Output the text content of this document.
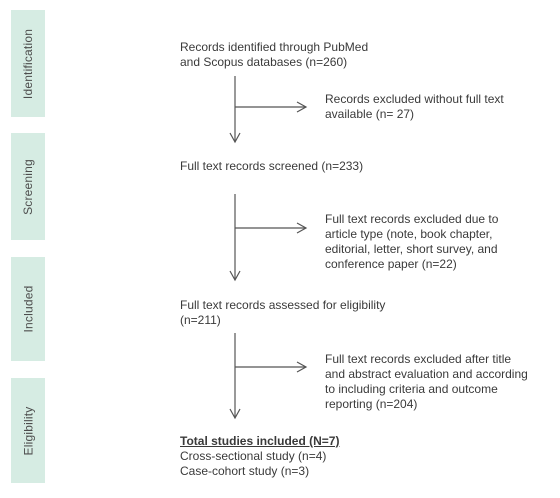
Identification
Screening
Included
Eligibility
Records identified through PubMed
and Scopus databases (n=260)
Full text records screened (n=233)
Full text records assessed for eligibility
(n=211)
Total studies included (N=7)
Cross-sectional study (n=4)
Case-cohort study (n=3)
Records excluded without full text
available (n= 27)
Full text records excluded due to
article type (note, book chapter,
editorial, letter, short survey, and
conference paper (n=22)
Full text records excluded after title
and abstract evaluation and according
to including criteria and outcome
reporting (n=204)
